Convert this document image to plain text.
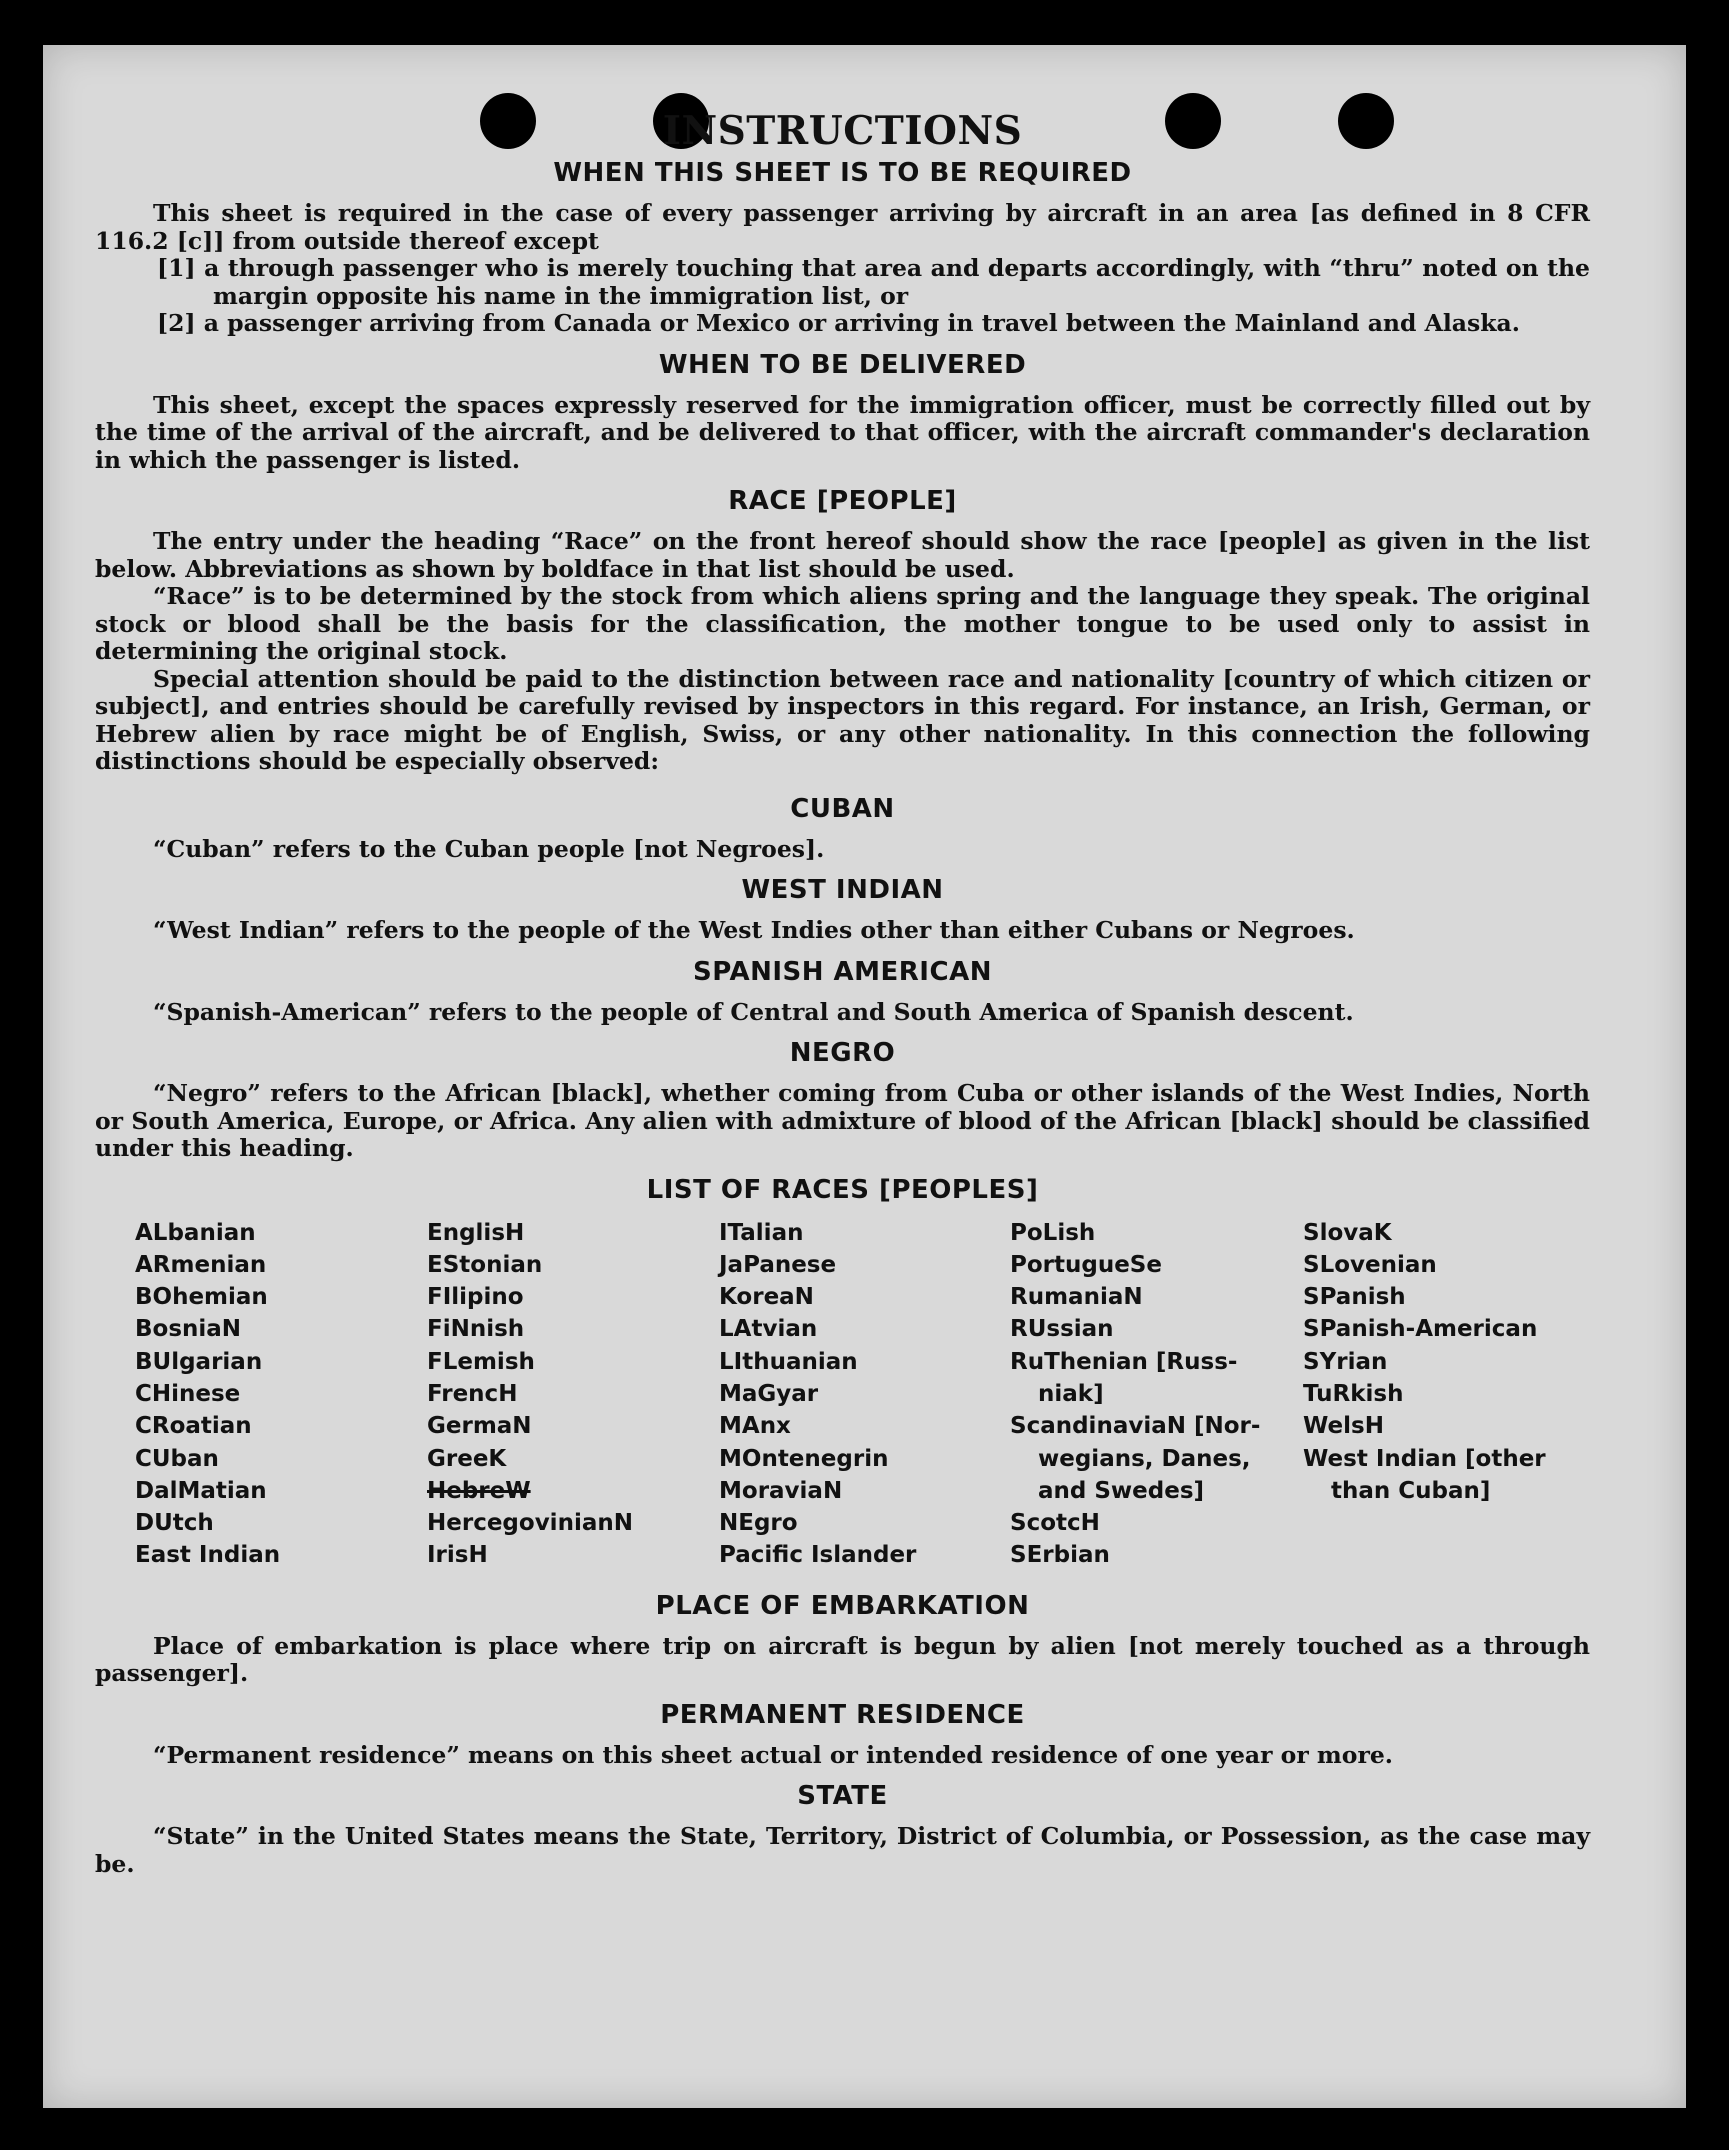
INSTRUCTIONS
WHEN THIS SHEET IS TO BE REQUIRED

This sheet is required in the case of every passenger arriving by aircraft in an area [as defined in 8 CFR 116.2 [c]] from outside thereof except

[1] a through passenger who is merely touching that area and departs accordingly, with “thru” noted on the margin opposite his name in the immigration list, or

[2] a passenger arriving from Canada or Mexico or arriving in travel between the Mainland and Alaska.

WHEN TO BE DELIVERED

This sheet, except the spaces expressly reserved for the immigration officer, must be correctly filled out by the time of the arrival of the aircraft, and be delivered to that officer, with the aircraft commander's declaration in which the passenger is listed.

RACE [PEOPLE]

The entry under the heading “Race” on the front hereof should show the race [people] as given in the list below. Abbreviations as shown by boldface in that list should be used.

“Race” is to be determined by the stock from which aliens spring and the language they speak. The original stock or blood shall be the basis for the classification, the mother tongue to be used only to assist in determining the original stock.

Special attention should be paid to the distinction between race and nationality [country of which citizen or subject], and entries should be carefully revised by inspectors in this regard. For instance, an Irish, German, or Hebrew alien by race might be of English, Swiss, or any other nationality. In this connection the following distinctions should be especially observed:

CUBAN

“Cuban” refers to the Cuban people [not Negroes].

WEST INDIAN

“West Indian” refers to the people of the West Indies other than either Cubans or Negroes.

SPANISH AMERICAN

“Spanish-American” refers to the people of Central and South America of Spanish descent.

NEGRO

“Negro” refers to the African [black], whether coming from Cuba or other islands of the West Indies, North or South America, Europe, or Africa. Any alien with admixture of blood of the African [black] should be classified under this heading.

LIST OF RACES [PEOPLES]
ALbanian
ARmenian
BOhemian
BosniaN
BUlgarian
CHinese
CRoatian
CUban
DalMatian
DUtch
East Indian
EnglisH
EStonian
FIlipino
FiNnish
FLemish
FrencH
GermaN
GreeK
HebreW
HercegovinianN
IrisH
ITalian
JaPanese
KoreaN
LAtvian
LIthuanian
MaGyar
MAnx
MOntenegrin
MoraviaN
NEgro
Pacific Islander
PoLish
PortugueSe
RumaniaN
RUssian
RuThenian [Russ-
niak]
ScandinaviaN [Nor-
wegians, Danes,
and Swedes]
ScotcH
SErbian
SlovaK
SLovenian
SPanish
SPanish-American
SYrian
TuRkish
WelsH
West Indian [other
than Cuban]
PLACE OF EMBARKATION

Place of embarkation is place where trip on aircraft is begun by alien [not merely touched as a through passenger].

PERMANENT RESIDENCE

“Permanent residence” means on this sheet actual or intended residence of one year or more.

STATE

“State” in the United States means the State, Territory, District of Columbia, or Possession, as the case may be.
